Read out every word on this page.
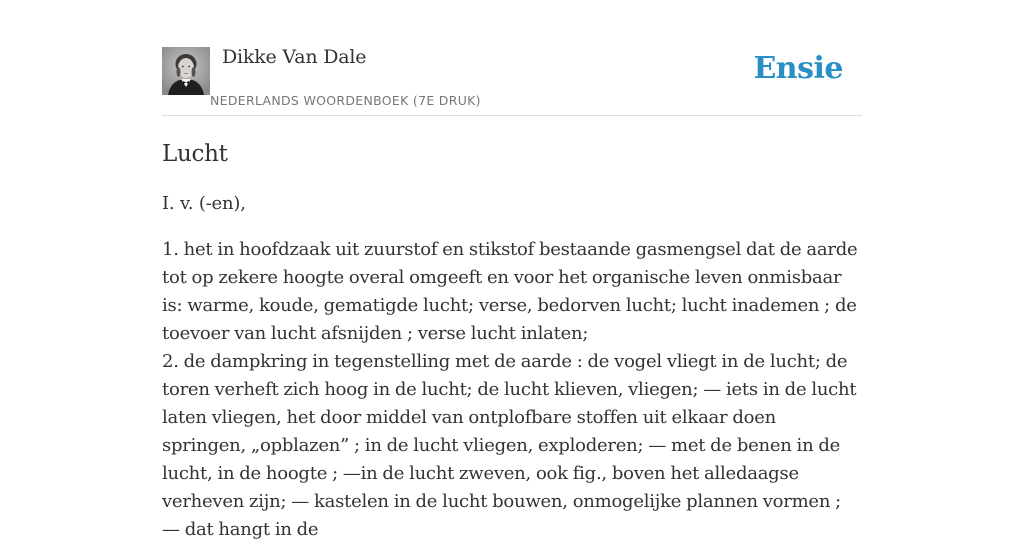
Dikke Van Dale
NEDERLANDS WOORDENBOEK (7E DRUK)
Ensie
Lucht

I. v. (-en),

1. het in hoofdzaak uit zuurstof en stikstof bestaande gasmengsel dat de aarde tot op zekere hoogte overal omgeeft en voor het organische leven onmisbaar is: warme, koude, gematigde lucht; verse, bedorven lucht; lucht inademen ; de toevoer van lucht afsnijden ; verse lucht inlaten;
2. de dampkring in tegenstelling met de aarde : de vogel vliegt in de lucht; de toren verheft zich hoog in de lucht; de lucht klieven, vliegen; — iets in de lucht laten vliegen, het door middel van ontplofbare stoffen uit elkaar doen springen, „opblazen” ; in de lucht vliegen, exploderen; — met de benen in de lucht, in de hoogte ; —in de lucht zweven, ook fig., boven het alledaagse verheven zijn; — kastelen in de lucht bouwen, onmogelijke plannen vormen ; — dat hangt in de
